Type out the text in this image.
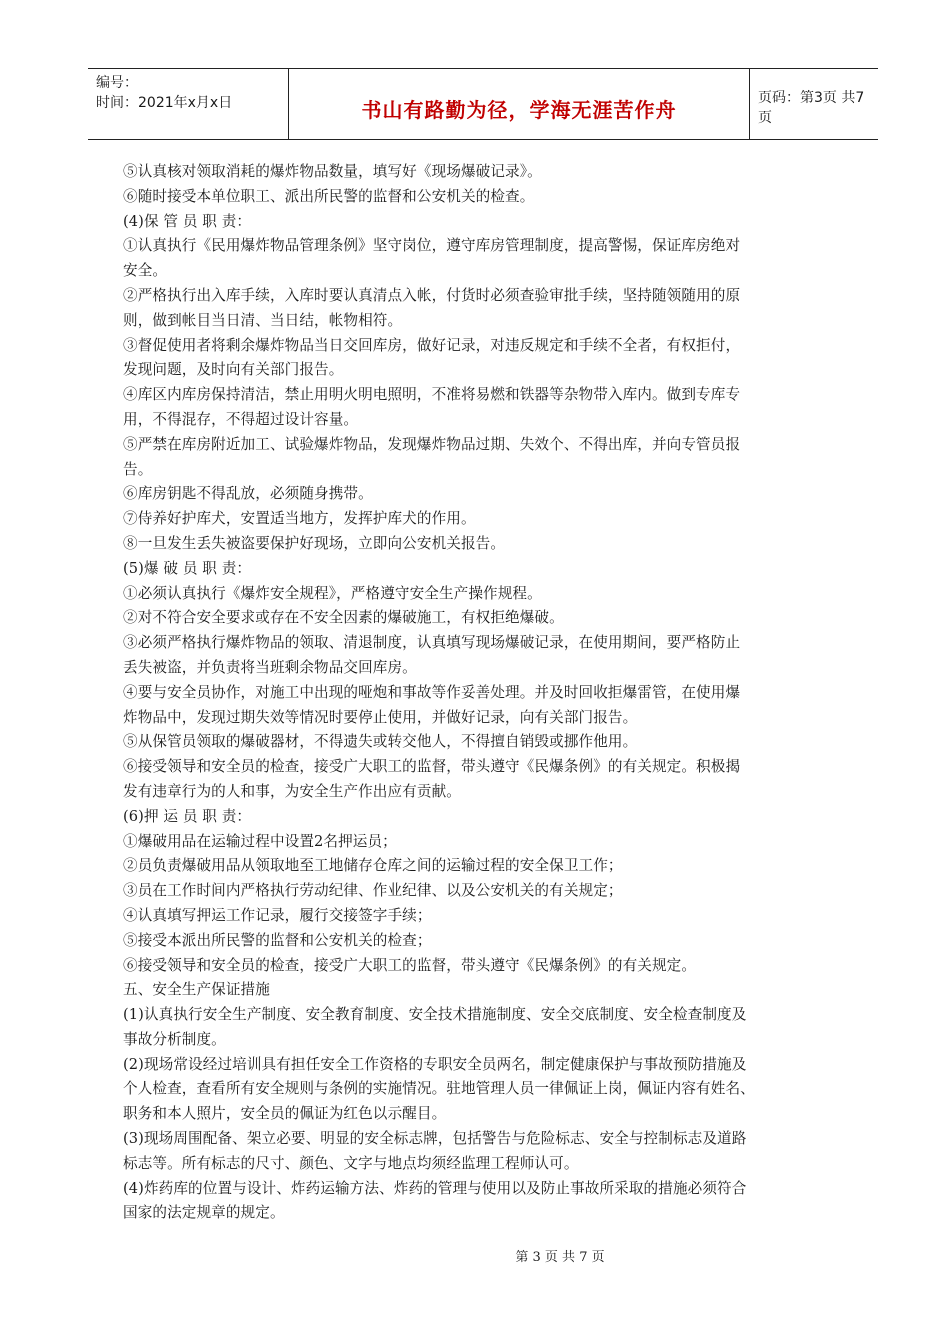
编号：
时间：2021年x月x日	书山有路勤为径，学海无涯苦作舟	页码：第3页 共7页
⑤认真核对领取消耗的爆炸物品数量，填写好《现场爆破记录》。
⑥随时接受本单位职工、派出所民警的监督和公安机关的检查。
(4)保 管 员 职 责：
①认真执行《民用爆炸物品管理条例》坚守岗位，遵守库房管理制度，提高警惕，保证库房绝对
安全。
②严格执行出入库手续，入库时要认真清点入帐，付货时必须查验审批手续，坚持随领随用的原
则，做到帐目当日清、当日结，帐物相符。
③督促使用者将剩余爆炸物品当日交回库房，做好记录，对违反规定和手续不全者，有权拒付，
发现问题，及时向有关部门报告。
④库区内库房保持清洁，禁止用明火明电照明，不准将易燃和铁器等杂物带入库内。做到专库专
用，不得混存，不得超过设计容量。
⑤严禁在库房附近加工、试验爆炸物品，发现爆炸物品过期、失效个、不得出库，并向专管员报
告。
⑥库房钥匙不得乱放，必须随身携带。
⑦侍养好护库犬，安置适当地方，发挥护库犬的作用。
⑧一旦发生丢失被盗要保护好现场，立即向公安机关报告。
(5)爆 破 员 职 责：
①必须认真执行《爆炸安全规程》，严格遵守安全生产操作规程。
②对不符合安全要求或存在不安全因素的爆破施工，有权拒绝爆破。
③必须严格执行爆炸物品的领取、清退制度，认真填写现场爆破记录，在使用期间，要严格防止
丢失被盗，并负责将当班剩余物品交回库房。
④要与安全员协作，对施工中出现的哑炮和事故等作妥善处理。并及时回收拒爆雷管，在使用爆
炸物品中，发现过期失效等情况时要停止使用，并做好记录，向有关部门报告。
⑤从保管员领取的爆破器材，不得遗失或转交他人，不得擅自销毁或挪作他用。
⑥接受领导和安全员的检查，接受广大职工的监督，带头遵守《民爆条例》的有关规定。积极揭
发有违章行为的人和事，为安全生产作出应有贡献。
(6)押 运 员 职 责：
①爆破用品在运输过程中设置2名押运员；
②员负责爆破用品从领取地至工地储存仓库之间的运输过程的安全保卫工作；
③员在工作时间内严格执行劳动纪律、作业纪律、以及公安机关的有关规定；
④认真填写押运工作记录，履行交接签字手续；
⑤接受本派出所民警的监督和公安机关的检查；
⑥接受领导和安全员的检查，接受广大职工的监督，带头遵守《民爆条例》的有关规定。
五、安全生产保证措施
(1)认真执行安全生产制度、安全教育制度、安全技术措施制度、安全交底制度、安全检查制度及
事故分析制度。
(2)现场常设经过培训具有担任安全工作资格的专职安全员两名，制定健康保护与事故预防措施及
个人检查，查看所有安全规则与条例的实施情况。驻地管理人员一律佩证上岗，佩证内容有姓名、
职务和本人照片，安全员的佩证为红色以示醒目。
(3)现场周围配备、架立必要、明显的安全标志牌，包括警告与危险标志、安全与控制标志及道路
标志等。所有标志的尺寸、颜色、文字与地点均须经监理工程师认可。
(4)炸药库的位置与设计、炸药运输方法、炸药的管理与使用以及防止事故所采取的措施必须符合
国家的法定规章的规定。
第 3 页 共 7 页
